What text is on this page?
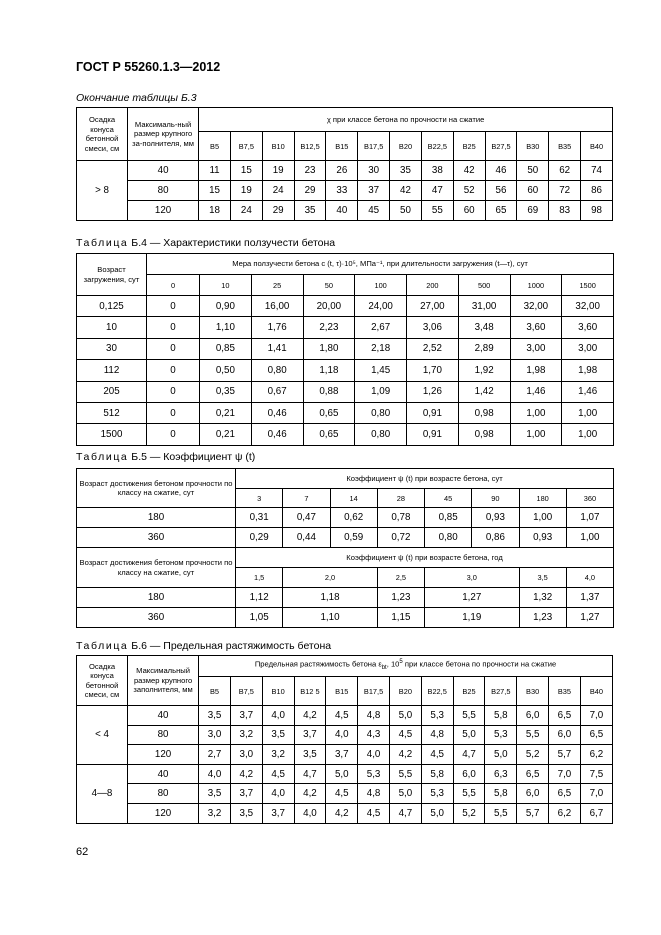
ГОСТ Р 55260.1.3—2012
Окончание таблицы Б.3
Осадка конуса бетонной смеси, см	Максималь-ный размер крупного за-полнителя, мм	χ при классе бетона по прочности на сжатие												
		B5	B7,5	B10	B12,5	B15	B17,5	B20	B22,5	B25	B27,5	B30	B35	B40
> 8	40	11	15	19	23	26	30	35	38	42	46	50	62	74
	80	15	19	24	29	33	37	42	47	52	56	60	72	86
	120	18	24	29	35	40	45	50	55	60	65	69	83	98
Таблица Б.4 — Характеристики ползучести бетона
Возраст загружения, сут	Мера ползучести бетона c (t, τ)·10⁵, МПа⁻¹, при длительности загружения (t—τ), сут								
	0	10	25	50	100	200	500	1000	1500
0,125	0	0,90	16,00	20,00	24,00	27,00	31,00	32,00	32,00
10	0	1,10	1,76	2,23	2,67	3,06	3,48	3,60	3,60
30	0	0,85	1,41	1,80	2,18	2,52	2,89	3,00	3,00
112	0	0,50	0,80	1,18	1,45	1,70	1,92	1,98	1,98
205	0	0,35	0,67	0,88	1,09	1,26	1,42	1,46	1,46
512	0	0,21	0,46	0,65	0,80	0,91	0,98	1,00	1,00
1500	0	0,21	0,46	0,65	0,80	0,91	0,98	1,00	1,00
Таблица Б.5 — Коэффициент ψ (t)
Возраст достижения бетоном прочности по классу на сжатие, сут	Коэффициент ψ (t) при возрасте бетона, сут							
	3	7	14	28	45	90	180	360
180	0,31	0,47	0,62	0,78	0,85	0,93	1,00	1,07
360	0,29	0,44	0,59	0,72	0,80	0,86	0,93	1,00
Возраст достижения бетоном прочности по классу на сжатие, сут	Коэффициент ψ (t) при возрасте бетона, год							
	1,5	2,0		2,5	3,0		3,5	4,0
180	1,12	1,18		1,23	1,27		1,32	1,37
360	1,05	1,10		1,15	1,19		1,23	1,27
Таблица Б.6 — Предельная растяжимость бетона
Осадка конуса бетонной смеси, см	Максимальный размер крупного заполнителя, мм	Предельная растяжимость бетона $\varepsilon_{bt}$, $10^5$ при классе бетона по прочности на сжатие												
		B5	B7,5	B10	B12 5	B15	B17,5	B20	B22,5	B25	B27,5	B30	B35	B40
< 4	40	3,5	3,7	4,0	4,2	4,5	4,8	5,0	5,3	5,5	5,8	6,0	6,5	7,0
	80	3,0	3,2	3,5	3,7	4,0	4,3	4,5	4,8	5,0	5,3	5,5	6,0	6,5
	120	2,7	3,0	3,2	3,5	3,7	4,0	4,2	4,5	4,7	5,0	5,2	5,7	6,2
4—8	40	4,0	4,2	4,5	4,7	5,0	5,3	5,5	5,8	6,0	6,3	6,5	7,0	7,5
	80	3,5	3,7	4,0	4,2	4,5	4,8	5,0	5,3	5,5	5,8	6,0	6,5	7,0
	120	3,2	3,5	3,7	4,0	4,2	4,5	4,7	5,0	5,2	5,5	5,7	6,2	6,7
62
